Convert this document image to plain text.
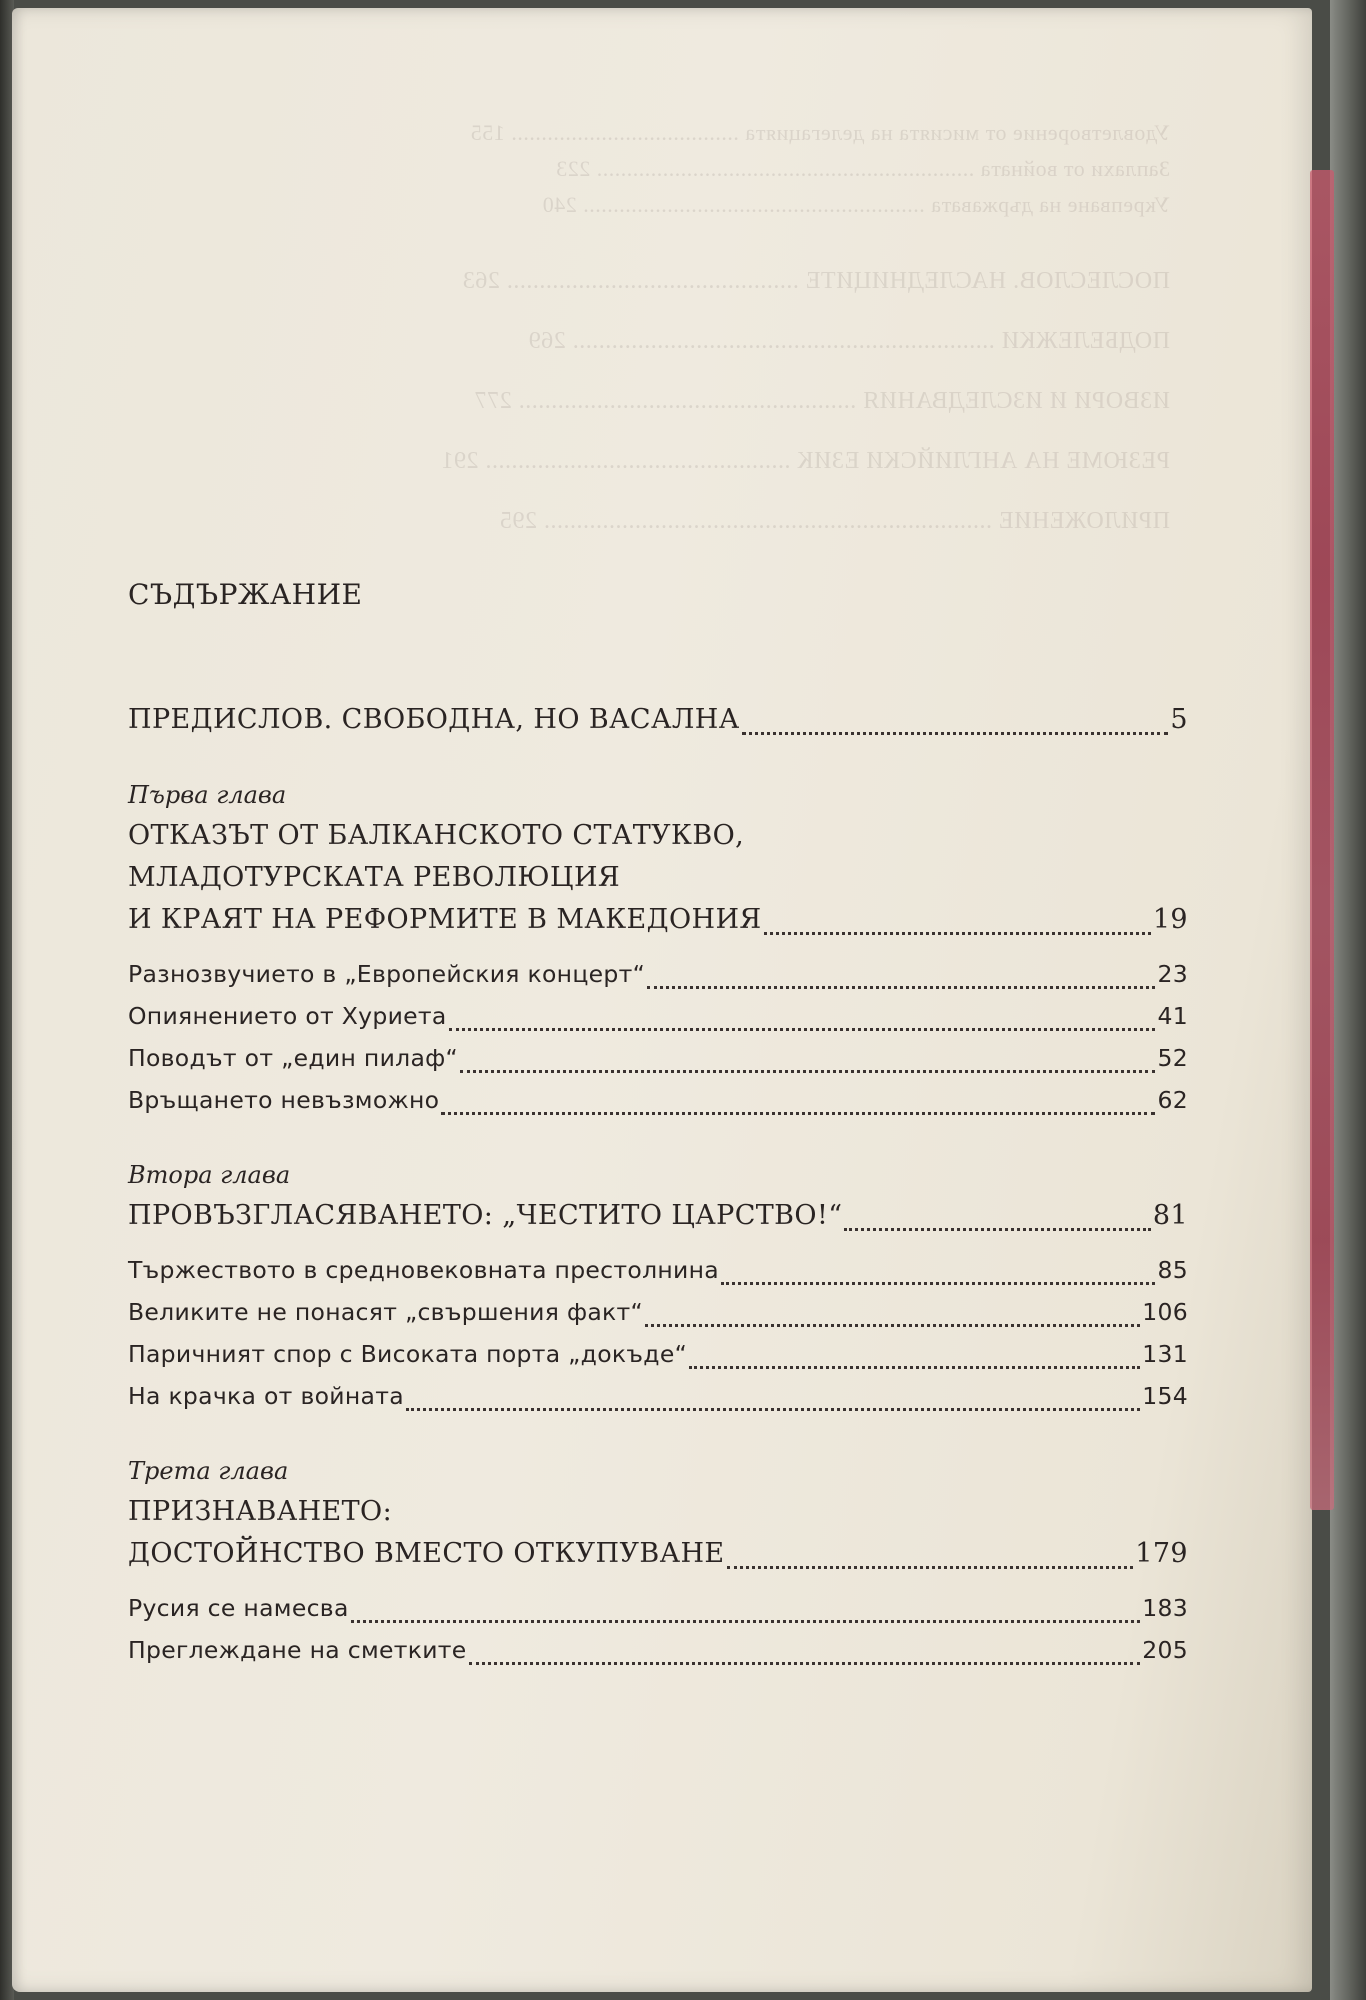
Удовлетворение от мисията на делегацията ...................................... 155
Заплахи от войната ............................................................... 223
Укрепване на държавата ......................................................... 240
ПОСЛЕСЛОВ. НАСЛЕДНИЦИТЕ ............................................. 263
ПОДБЕЛЕЖКИ ................................................................. 269
ИЗВОРИ И ИЗСЛЕДВАНИЯ .................................................... 277
РЕЗЮМЕ НА АНГЛИЙСКИ ЕЗИК ............................................... 291
ПРИЛОЖЕНИЕ ..................................................................... 295
СЪДЪРЖАНИЕ
ПРЕДИСЛОВ. СВОБОДНА, НО ВАСАЛНА	5
Първа глава
ОТКАЗЪТ ОТ БАЛКАНСКОТО СТАТУКВО,
МЛАДОТУРСКАТА РЕВОЛЮЦИЯ
И КРАЯТ НА РЕФОРМИТЕ В МАКЕДОНИЯ	19
Разнозвучието в „Европейския концерт“	23
Опиянението от Хуриета	41
Поводът от „един пилаф“	52
Връщането невъзможно	62
Втора глава
ПРОВЪЗГЛАСЯВАНЕТО: „ЧЕСТИТО ЦАРСТВО!“	81
Тържеството в средновековната престолнина	85
Великите не понасят „свършения факт“	106
Паричният спор с Високата порта „докъде“	131
На крачка от войната	154
Трета глава
ПРИЗНАВАНЕТО:
ДОСТОЙНСТВО ВМЕСТО ОТКУПУВАНЕ	179
Русия се намесва	183
Преглеждане на сметките	205
